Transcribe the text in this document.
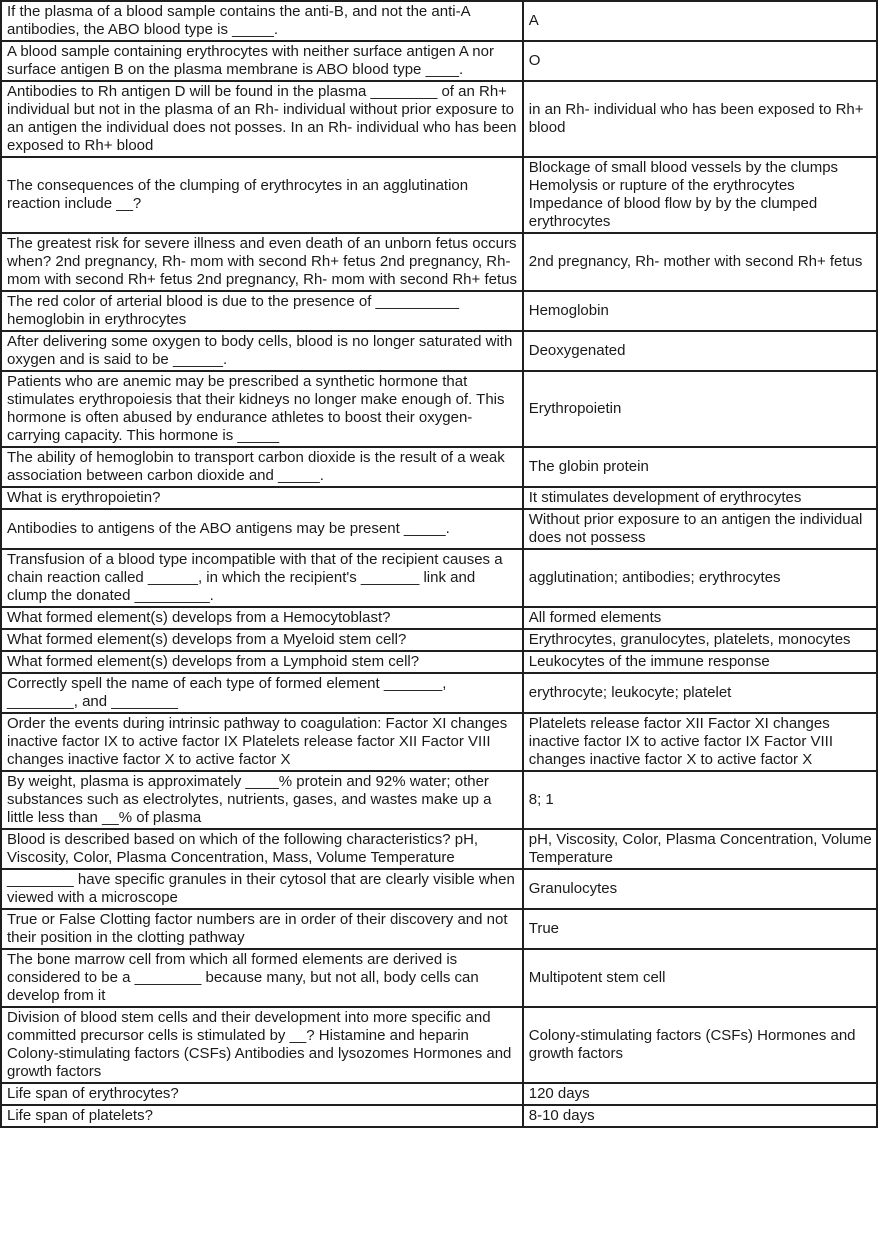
If the plasma of a blood sample contains the anti-B, and not the anti-A antibodies, the ABO blood type is _____.	A
A blood sample containing erythrocytes with neither surface antigen A nor surface antigen B on the plasma membrane is ABO blood type ____.	O
Antibodies to Rh antigen D will be found in the plasma ________ of an Rh+ individual but not in the plasma of an Rh- individual without prior exposure to an antigen the individual does not posses. In an Rh- individual who has been exposed to Rh+ blood	in an Rh- individual who has been exposed to Rh+ blood
The consequences of the clumping of erythrocytes in an agglutination reaction include __?	Blockage of small blood vessels by the clumps Hemolysis or rupture of the erythrocytes Impedance of blood flow by by the clumped erythrocytes
The greatest risk for severe illness and even death of an unborn fetus occurs when? 2nd pregnancy, Rh- mom with second Rh+ fetus 2nd pregnancy, Rh- mom with second Rh+ fetus 2nd pregnancy, Rh- mom with second Rh+ fetus	2nd pregnancy, Rh- mother with second Rh+ fetus
The red color of arterial blood is due to the presence of __________ hemoglobin in erythrocytes	Hemoglobin
After delivering some oxygen to body cells, blood is no longer saturated with oxygen and is said to be ______.	Deoxygenated
Patients who are anemic may be prescribed a synthetic hormone that stimulates erythropoiesis that their kidneys no longer make enough of. This hormone is often abused by endurance athletes to boost their oxygen-carrying capacity. This hormone is _____	Erythropoietin
The ability of hemoglobin to transport carbon dioxide is the result of a weak association between carbon dioxide and _____.	The globin protein
What is erythropoietin?	It stimulates development of erythrocytes
Antibodies to antigens of the ABO antigens may be present _____.	Without prior exposure to an antigen the individual does not possess
Transfusion of a blood type incompatible with that of the recipient causes a chain reaction called ______, in which the recipient's _______ link and clump the donated _________.	agglutination; antibodies; erythrocytes
What formed element(s) develops from a Hemocytoblast?	All formed elements
What formed element(s) develops from a Myeloid stem cell?	Erythrocytes, granulocytes, platelets, monocytes
What formed element(s) develops from a Lymphoid stem cell?	Leukocytes of the immune response
Correctly spell the name of each type of formed element _______, ________, and ________	erythrocyte; leukocyte; platelet
Order the events during intrinsic pathway to coagulation: Factor XI changes inactive factor IX to active factor IX Platelets release factor XII Factor VIII changes inactive factor X to active factor X	Platelets release factor XII Factor XI changes inactive factor IX to active factor IX Factor VIII changes inactive factor X to active factor X
By weight, plasma is approximately ____% protein and 92% water; other substances such as electrolytes, nutrients, gases, and wastes make up a little less than __% of plasma	8; 1
Blood is described based on which of the following characteristics? pH, Viscosity, Color, Plasma Concentration, Mass, Volume Temperature	pH, Viscosity, Color, Plasma Concentration, Volume Temperature
________ have specific granules in their cytosol that are clearly visible when viewed with a microscope	Granulocytes
True or False Clotting factor numbers are in order of their discovery and not their position in the clotting pathway	True
The bone marrow cell from which all formed elements are derived is considered to be a ________ because many, but not all, body cells can develop from it	Multipotent stem cell
Division of blood stem cells and their development into more specific and committed precursor cells is stimulated by __? Histamine and heparin Colony-stimulating factors (CSFs) Antibodies and lysozomes Hormones and growth factors	Colony-stimulating factors (CSFs) Hormones and growth factors
Life span of erythrocytes?	120 days
Life span of platelets?	8-10 days
